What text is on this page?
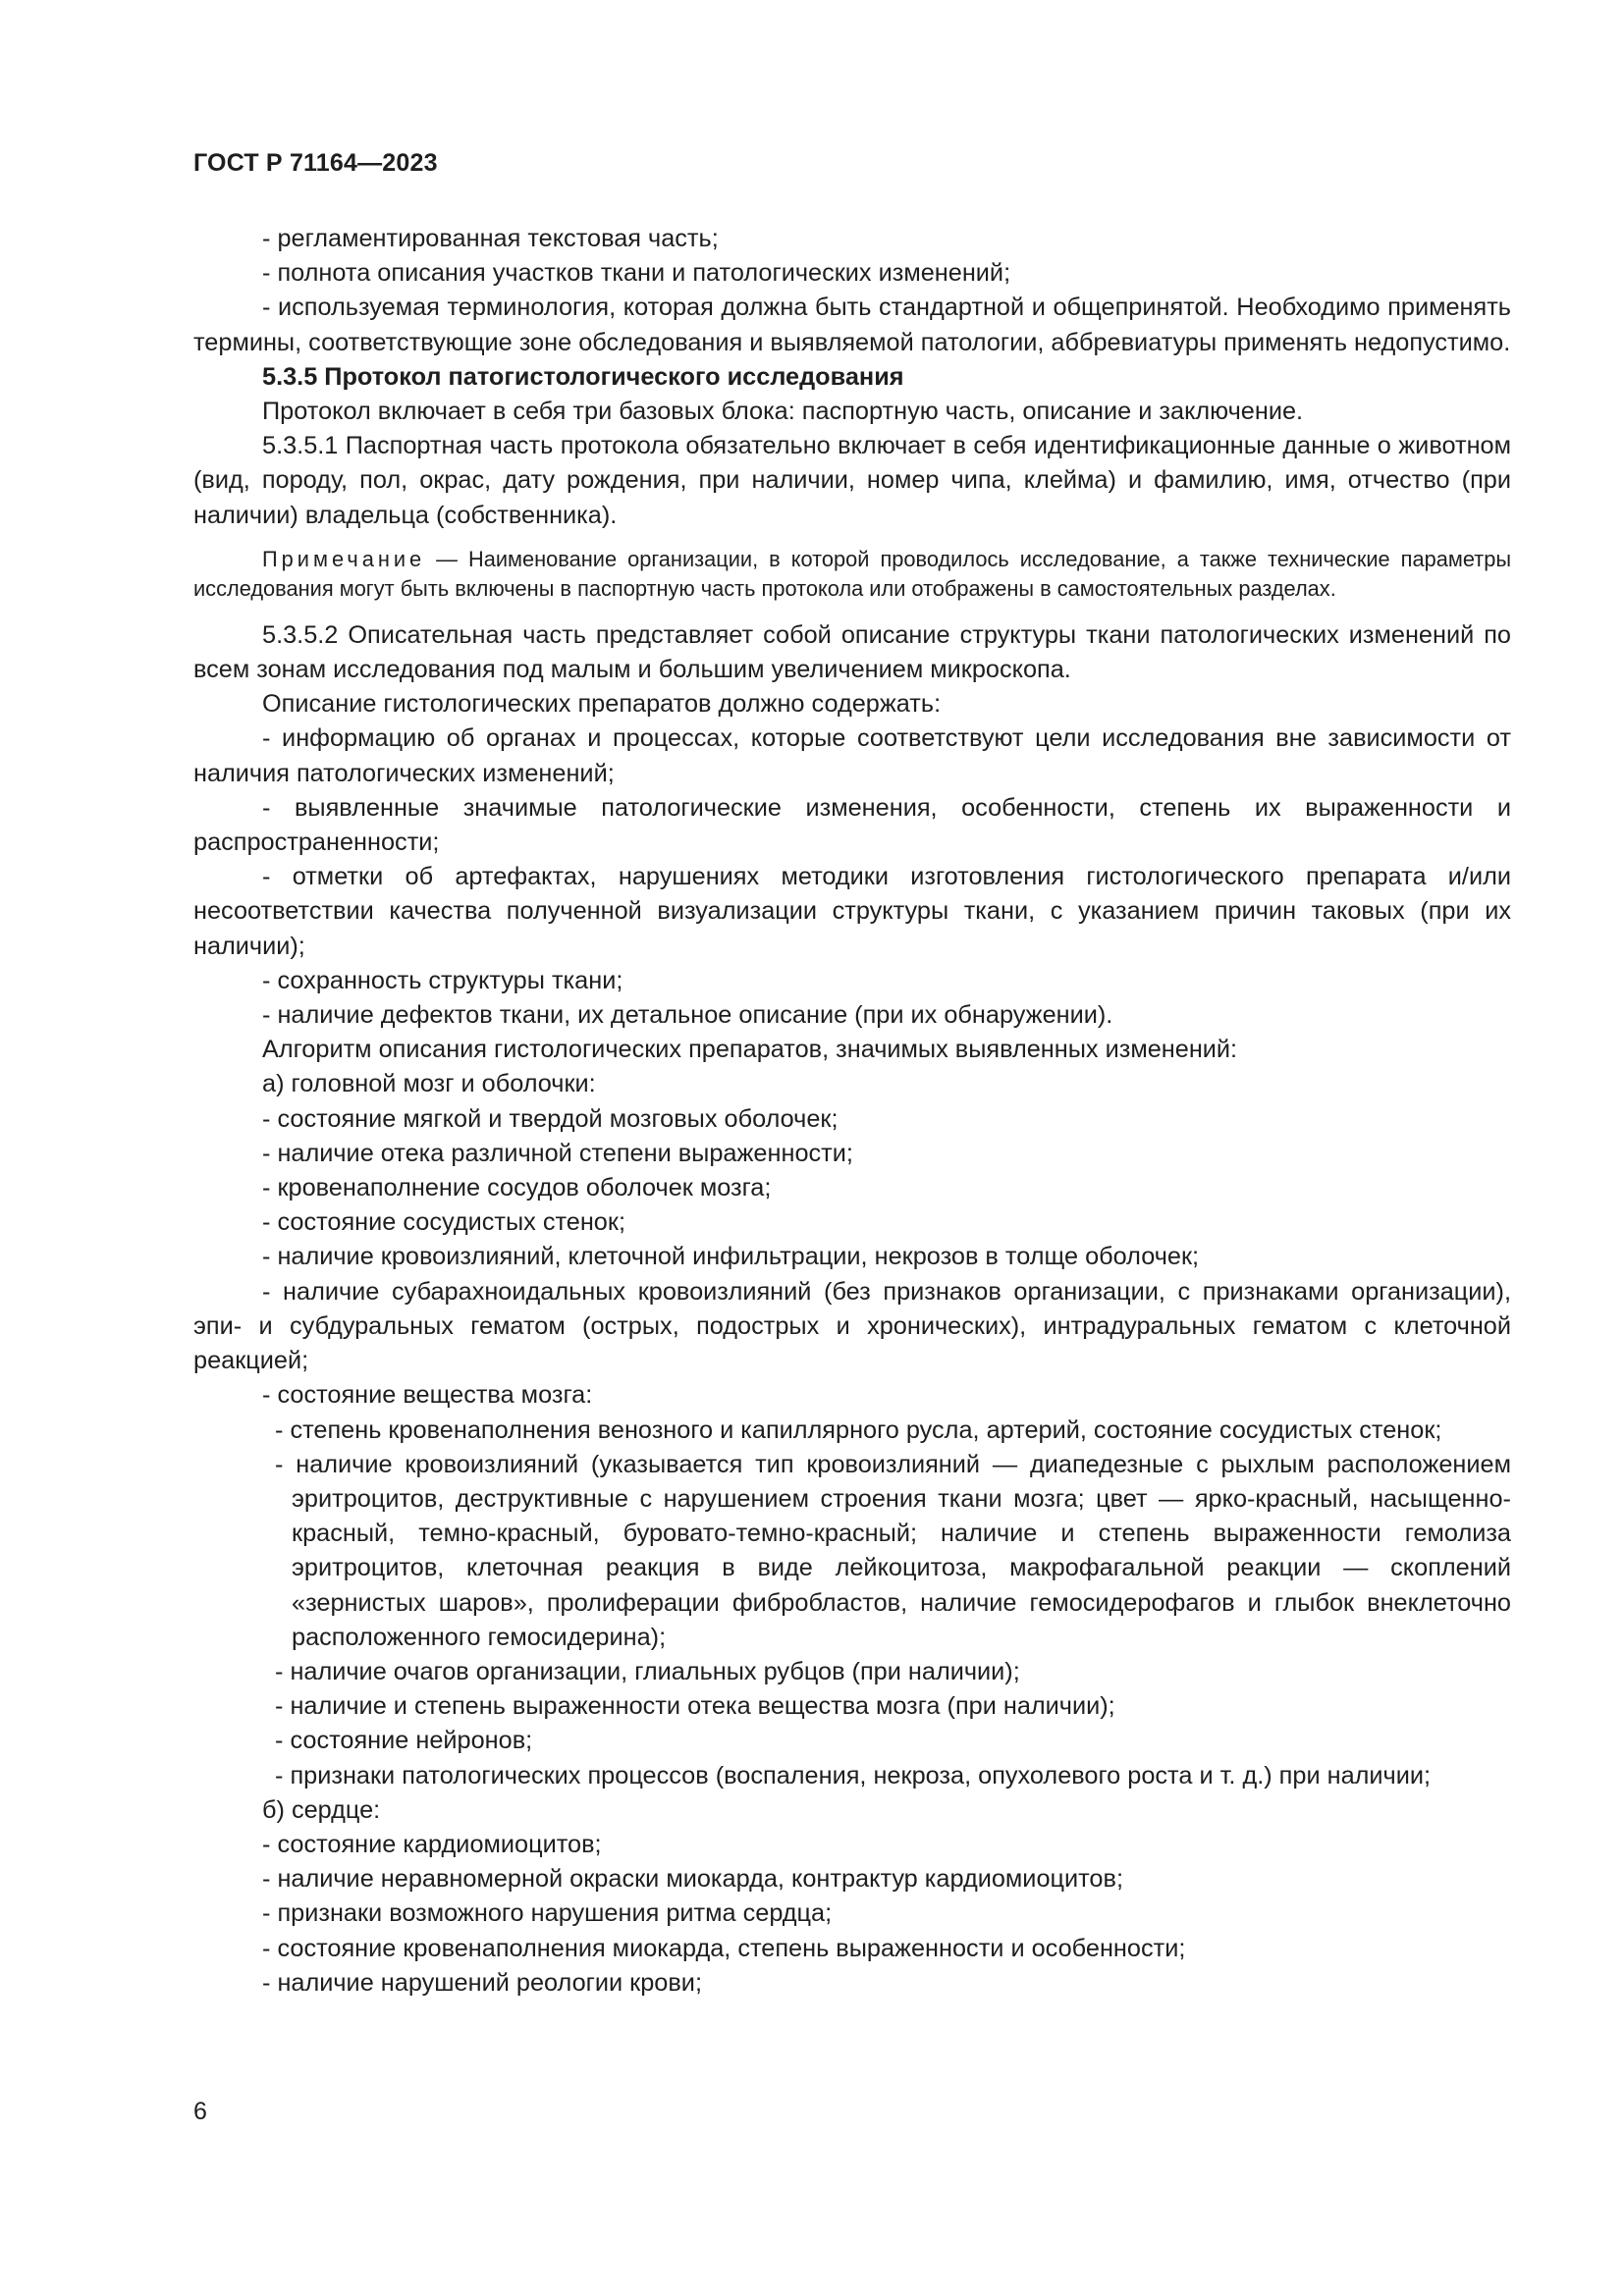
ГОСТ Р 71164—2023

- регламентированная текстовая часть;

- полнота описания участков ткани и патологических изменений;

- используемая терминология, которая должна быть стандартной и общепринятой. Необходимо применять термины, соответствующие зоне обследования и выявляемой патологии, аббревиатуры применять недопустимо.

5.3.5 Протокол патогистологического исследования

Протокол включает в себя три базовых блока: паспортную часть, описание и заключение.

5.3.5.1 Паспортная часть протокола обязательно включает в себя идентификационные данные о животном (вид, породу, пол, окрас, дату рождения, при наличии, номер чипа, клейма) и фамилию, имя, отчество (при наличии) владельца (собственника).

Примечание — Наименование организации, в которой проводилось исследование, а также технические параметры исследования могут быть включены в паспортную часть протокола или отображены в самостоятельных разделах.

5.3.5.2 Описательная часть представляет собой описание структуры ткани патологических изменений по всем зонам исследования под малым и большим увеличением микроскопа.

Описание гистологических препаратов должно содержать:

- информацию об органах и процессах, которые соответствуют цели исследования вне зависимости от наличия патологических изменений;

- выявленные значимые патологические изменения, особенности, степень их выраженности и распространенности;

- отметки об артефактах, нарушениях методики изготовления гистологического препарата и/или несоответствии качества полученной визуализации структуры ткани, с указанием причин таковых (при их наличии);

- сохранность структуры ткани;

- наличие дефектов ткани, их детальное описание (при их обнаружении).

Алгоритм описания гистологических препаратов, значимых выявленных изменений:

а) головной мозг и оболочки:

- состояние мягкой и твердой мозговых оболочек;

- наличие отека различной степени выраженности;

- кровенаполнение сосудов оболочек мозга;

- состояние сосудистых стенок;

- наличие кровоизлияний, клеточной инфильтрации, некрозов в толще оболочек;

- наличие субарахноидальных кровоизлияний (без признаков организации, с признаками организации), эпи- и субдуральных гематом (острых, подострых и хронических), интрадуральных гематом с клеточной реакцией;

- состояние вещества мозга:

- степень кровенаполнения венозного и капиллярного русла, артерий, состояние сосудистых стенок;

- наличие кровоизлияний (указывается тип кровоизлияний — диапедезные с рыхлым расположением эритроцитов, деструктивные с нарушением строения ткани мозга; цвет — ярко-красный, насыщенно-красный, темно-красный, буровато-темно-красный; наличие и степень выраженности гемолиза эритроцитов, клеточная реакция в виде лейкоцитоза, макрофагальной реакции — скоплений «зернистых шаров», пролиферации фибробластов, наличие гемосидерофагов и глыбок внеклеточно расположенного гемосидерина);

- наличие очагов организации, глиальных рубцов (при наличии);

- наличие и степень выраженности отека вещества мозга (при наличии);

- состояние нейронов;

- признаки патологических процессов (воспаления, некроза, опухолевого роста и т. д.) при наличии;

б) сердце:

- состояние кардиомиоцитов;

- наличие неравномерной окраски миокарда, контрактур кардиомиоцитов;

- признаки возможного нарушения ритма сердца;

- состояние кровенаполнения миокарда, степень выраженности и особенности;

- наличие нарушений реологии крови;

6
